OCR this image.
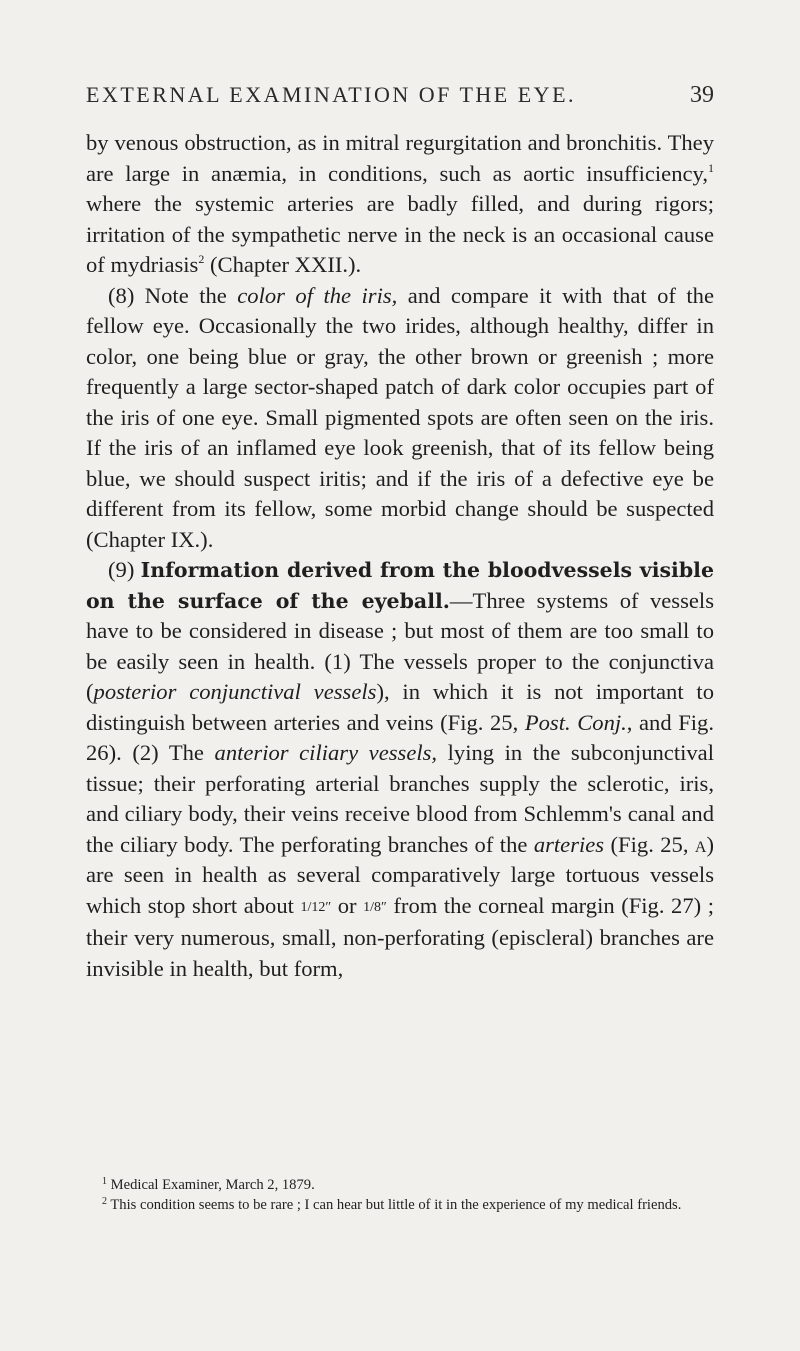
EXTERNAL EXAMINATION OF THE EYE.	39

by venous obstruction, as in mitral regurgitation and bronchitis. They are large in anæmia, in conditions, such as aortic insufficiency,$^1$ where the systemic arteries are badly filled, and during rigors; irritation of the sympathetic nerve in the neck is an occasional cause of mydriasis$^2$ (Chapter XXII.).

(8) Note the color of the iris, and compare it with that of the fellow eye. Occasionally the two irides, although healthy, differ in color, one being blue or gray, the other brown or greenish ; more frequently a large sector-shaped patch of dark color occupies part of the iris of one eye. Small pigmented spots are often seen on the iris. If the iris of an inflamed eye look greenish, that of its fellow being blue, we should suspect iritis; and if the iris of a defective eye be different from its fellow, some morbid change should be suspected (Chapter IX.).

(9) Information derived from the bloodvessels visible on the surface of the eyeball.—Three systems of vessels have to be considered in disease ; but most of them are too small to be easily seen in health. (1) The vessels proper to the conjunctiva (posterior conjunctival vessels), in which it is not important to distinguish between arteries and veins (Fig. 25, Post. Conj., and Fig. 26). (2) The anterior ciliary vessels, lying in the subconjunctival tissue; their perforating arterial branches supply the sclerotic, iris, and ciliary body, their veins receive blood from Schlemm's canal and the ciliary body. The perforating branches of the arteries (Fig. 25, a) are seen in health as several comparatively large tortuous vessels which stop short about 1/12″ or 1/8″ from the corneal margin (Fig. 27) ; their very numerous, small, non-perforating (episcleral) branches are invisible in health, but form,

$^1$ Medical Examiner, March 2, 1879.

$^2$ This condition seems to be rare ; I can hear but little of it in the experience of my medical friends.
